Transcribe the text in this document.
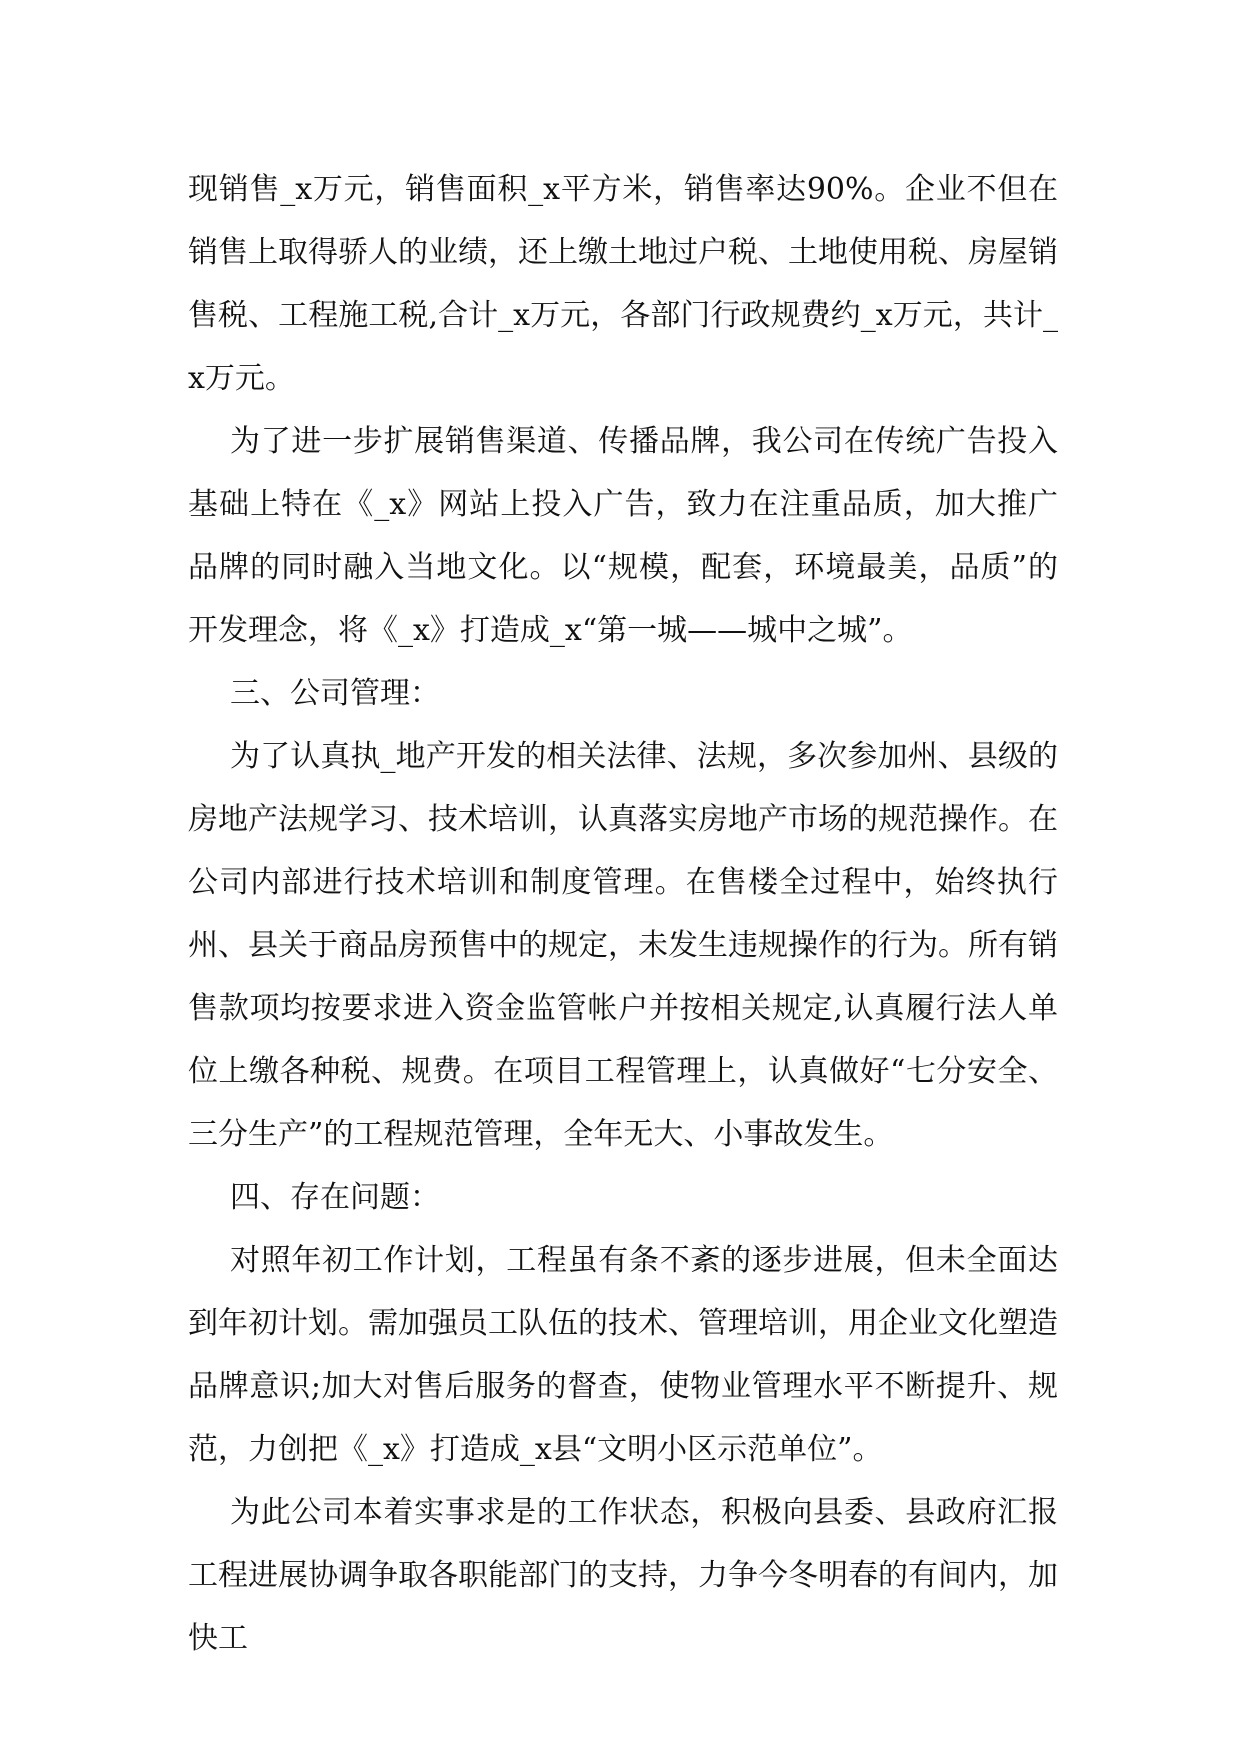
现销售_x万元，销售面积_x平方米，销售率达90%。企业不但在销售上取得骄人的业绩，还上缴土地过户税、土地使用税、房屋销售税、工程施工税,合计_x万元，各部门行政规费约_x万元，共计_x万元。

为了进一步扩展销售渠道、传播品牌，我公司在传统广告投入基础上特在《_x》网站上投入广告，致力在注重品质，加大推广品牌的同时融入当地文化。以“规模，配套，环境最美，品质”的开发理念，将《_x》打造成_x“第一城——城中之城”。

三、公司管理：

为了认真执_地产开发的相关法律、法规，多次参加州、县级的房地产法规学习、技术培训，认真落实房地产市场的规范操作。在公司内部进行技术培训和制度管理。在售楼全过程中，始终执行州、县关于商品房预售中的规定，未发生违规操作的行为。所有销售款项均按要求进入资金监管帐户并按相关规定,认真履行法人单位上缴各种税、规费。在项目工程管理上，认真做好“七分安全、三分生产”的工程规范管理，全年无大、小事故发生。

四、存在问题：

对照年初工作计划，工程虽有条不紊的逐步进展，但未全面达到年初计划。需加强员工队伍的技术、管理培训，用企业文化塑造品牌意识;加大对售后服务的督查，使物业管理水平不断提升、规范，力创把《_x》打造成_x县“文明小区示范单位”。

为此公司本着实事求是的工作状态，积极向县委、县政府汇报工程进展协调争取各职能部门的支持，力争今冬明春的有间内，加快工
